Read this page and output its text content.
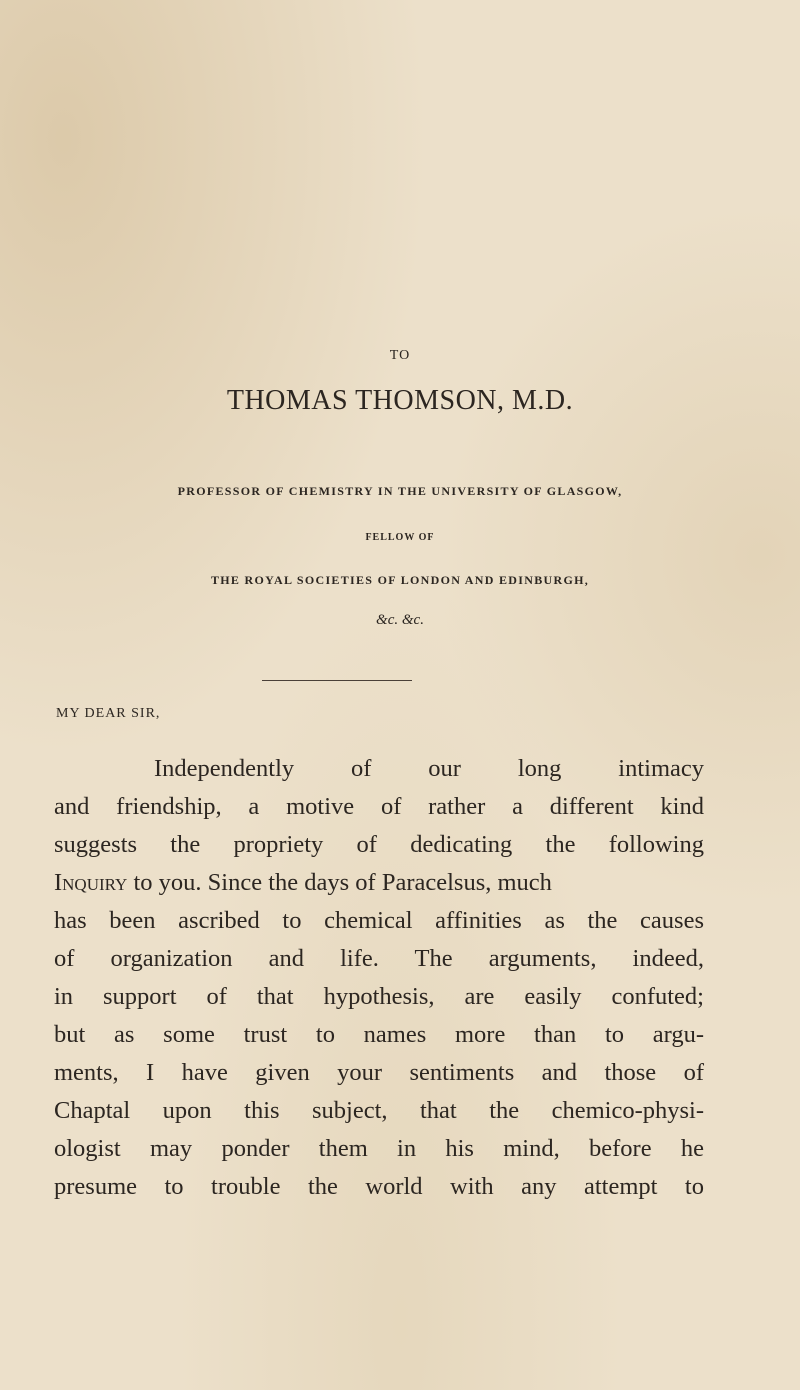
TO
THOMAS THOMSON, M.D.
PROFESSOR OF CHEMISTRY IN THE UNIVERSITY OF GLASGOW,
FELLOW OF
THE ROYAL SOCIETIES OF LONDON AND EDINBURGH,
&c. &c.
MY DEAR SIR,
Independently of our long intimacy
and friendship, a motive of rather a different kind
suggests the propriety of dedicating the following
Inquiry to you. Since the days of Paracelsus, much
has been ascribed to chemical affinities as the causes
of organization and life. The arguments, indeed,
in support of that hypothesis, are easily confuted;
but as some trust to names more than to argu-
ments, I have given your sentiments and those of
Chaptal upon this subject, that the chemico-physi-
ologist may ponder them in his mind, before he
presume to trouble the world with any attempt to
